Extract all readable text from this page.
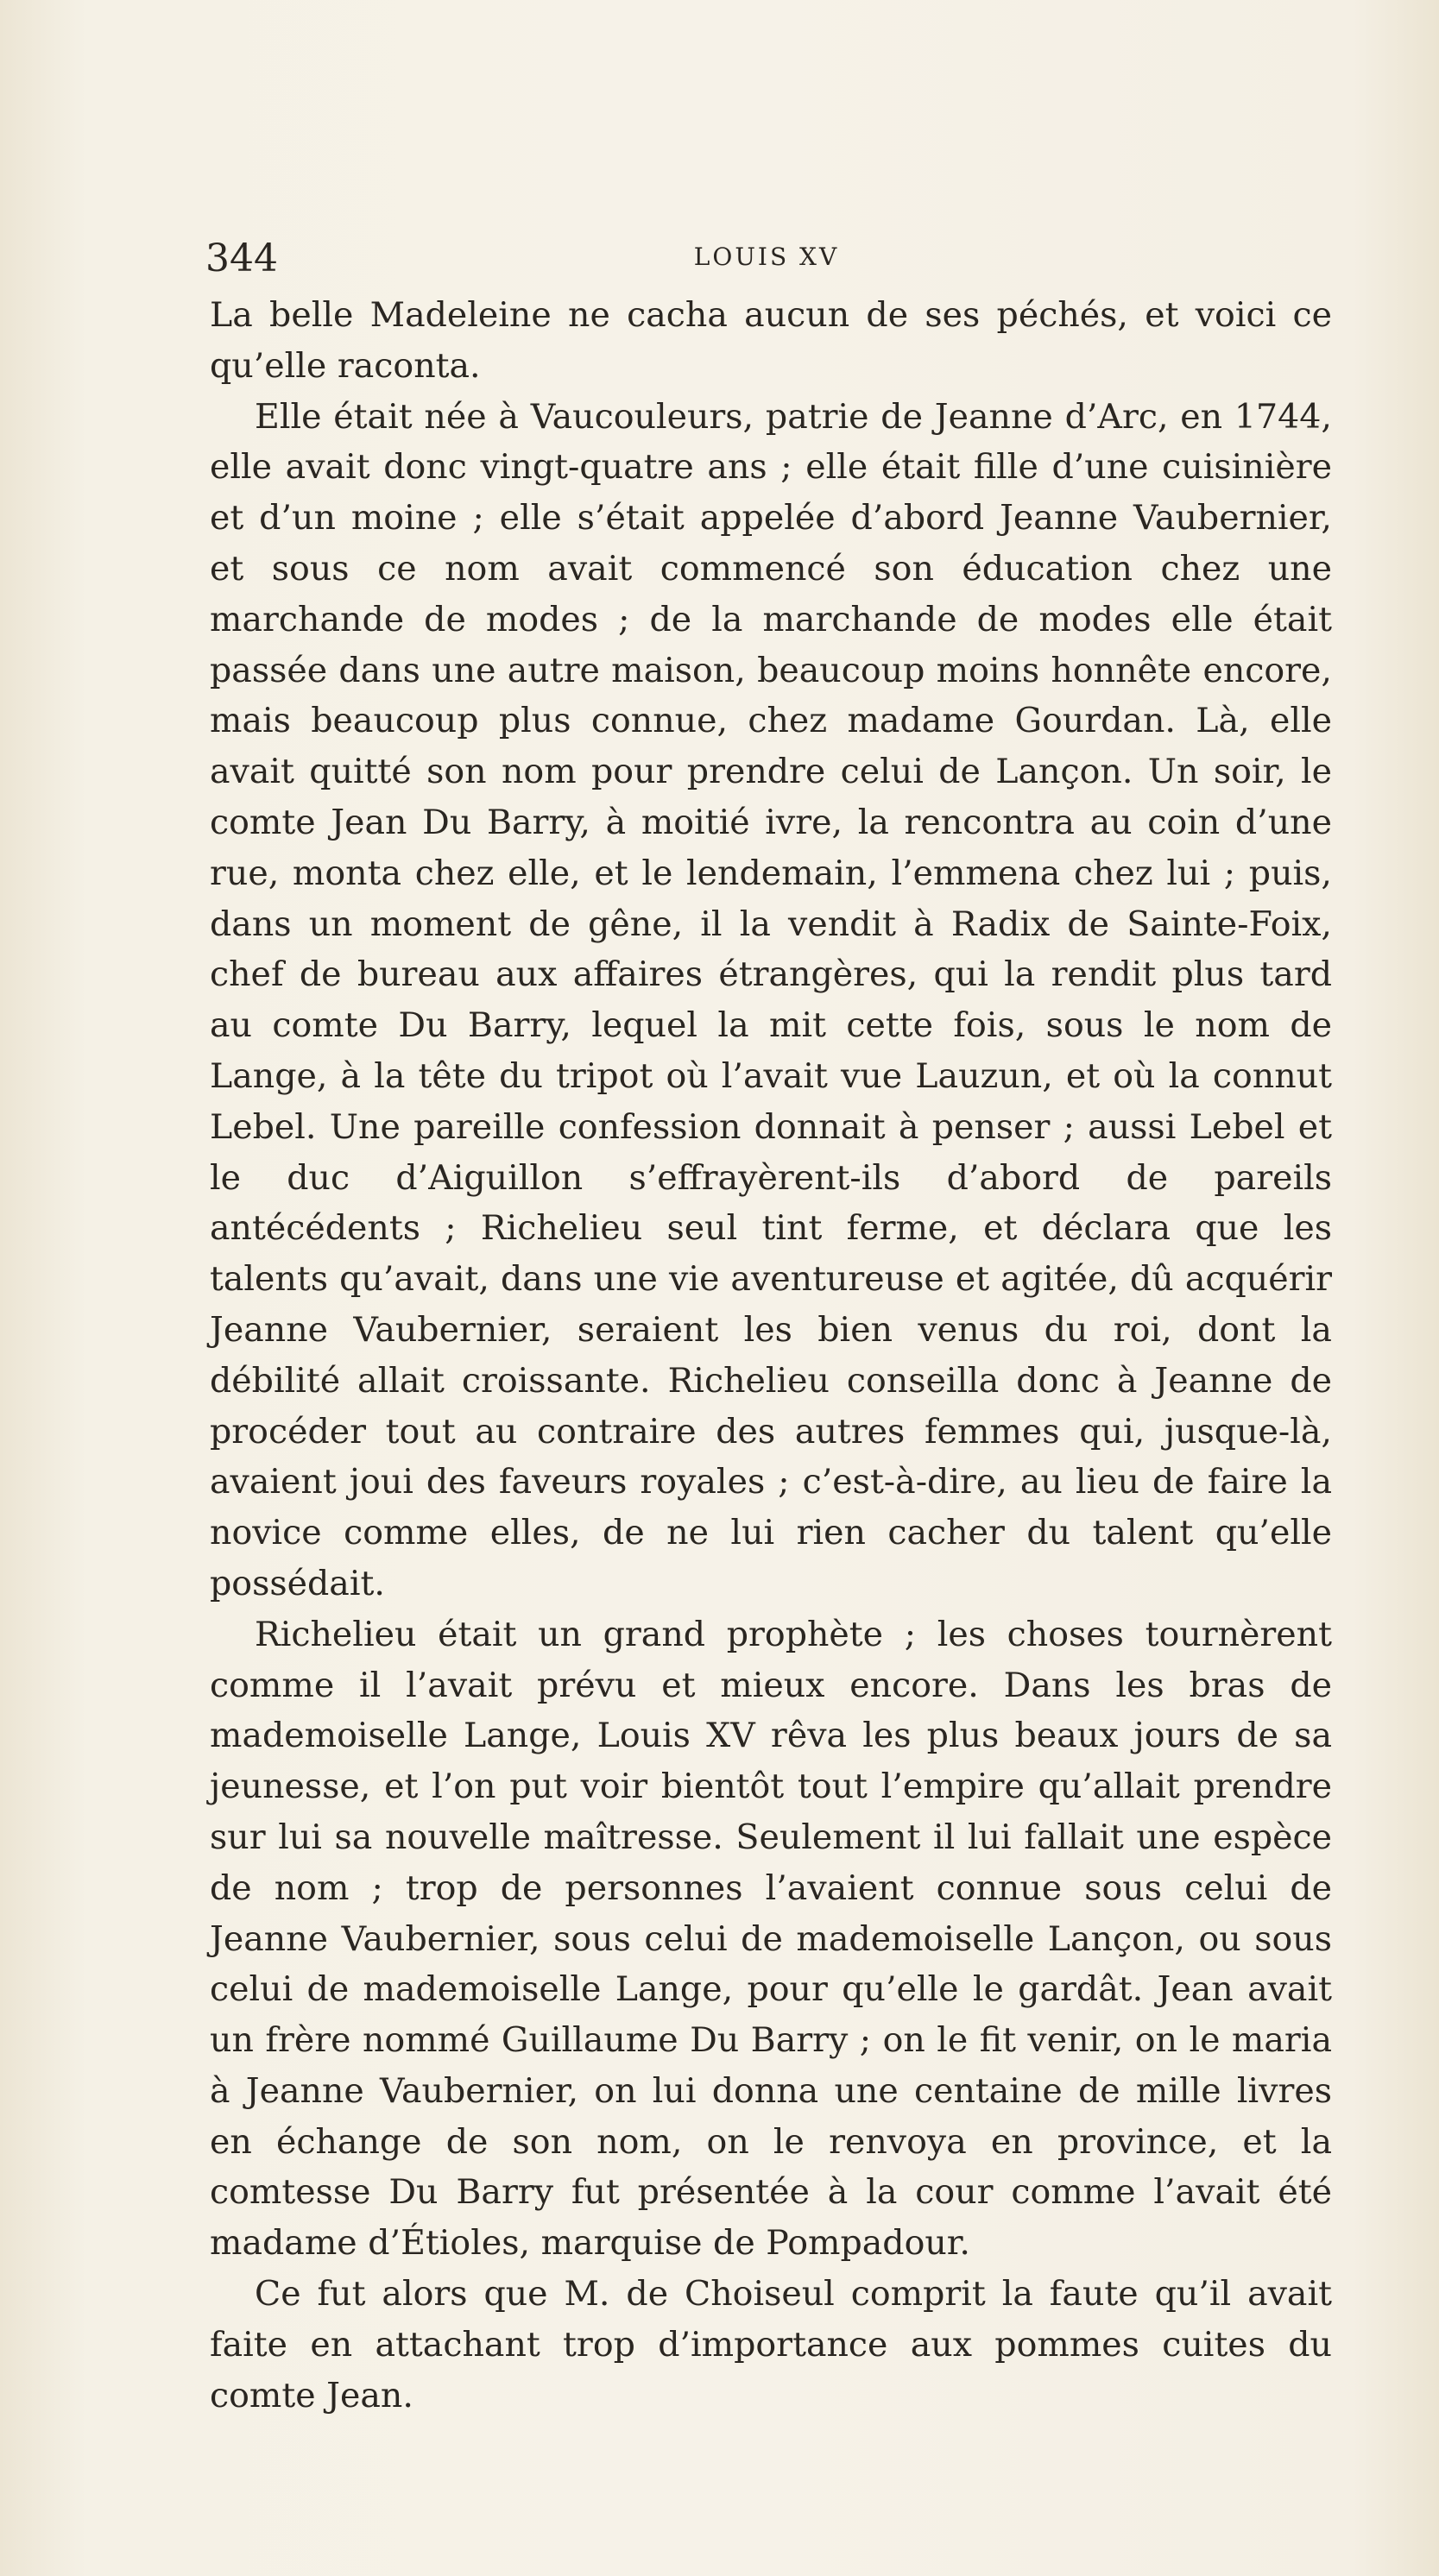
344	LOUIS XV

La belle Madeleine ne cacha aucun de ses péchés, et voici ce qu’elle raconta.

Elle était née à Vaucouleurs, patrie de Jeanne d’Arc, en 1744, elle avait donc vingt-quatre ans ; elle était fille d’une cuisinière et d’un moine ; elle s’était appelée d’abord Jeanne Vaubernier, et sous ce nom avait commencé son éducation chez une marchande de modes ; de la marchande de modes elle était passée dans une autre maison, beaucoup moins honnête encore, mais beaucoup plus connue, chez madame Gourdan. Là, elle avait quitté son nom pour prendre celui de Lançon. Un soir, le comte Jean Du Barry, à moitié ivre, la rencontra au coin d’une rue, monta chez elle, et le lendemain, l’emmena chez lui ; puis, dans un moment de gêne, il la vendit à Radix de Sainte-Foix, chef de bureau aux affaires étrangères, qui la rendit plus tard au comte Du Barry, lequel la mit cette fois, sous le nom de Lange, à la tête du tripot où l’avait vue Lauzun, et où la connut Lebel. Une pareille confession donnait à penser ; aussi Lebel et le duc d’Aiguillon s’effrayèrent-ils d’abord de pareils antécédents ; Richelieu seul tint ferme, et déclara que les talents qu’avait, dans une vie aventureuse et agitée, dû acquérir Jeanne Vaubernier, seraient les bien venus du roi, dont la débilité allait croissante. Richelieu conseilla donc à Jeanne de procéder tout au contraire des autres femmes qui, jusque-là, avaient joui des faveurs royales ; c’est-à-dire, au lieu de faire la novice comme elles, de ne lui rien cacher du talent qu’elle possédait.

Richelieu était un grand prophète ; les choses tournèrent comme il l’avait prévu et mieux encore. Dans les bras de mademoiselle Lange, Louis XV rêva les plus beaux jours de sa jeunesse, et l’on put voir bientôt tout l’empire qu’allait prendre sur lui sa nouvelle maîtresse. Seulement il lui fallait une espèce de nom ; trop de personnes l’avaient connue sous celui de Jeanne Vaubernier, sous celui de mademoiselle Lançon, ou sous celui de mademoiselle Lange, pour qu’elle le gardât. Jean avait un frère nommé Guillaume Du Barry ; on le fit venir, on le maria à Jeanne Vaubernier, on lui donna une centaine de mille livres en échange de son nom, on le renvoya en province, et la comtesse Du Barry fut présentée à la cour comme l’avait été madame d’Étioles, marquise de Pompadour.

Ce fut alors que M. de Choiseul comprit la faute qu’il avait faite en attachant trop d’importance aux pommes cuites du comte Jean.
